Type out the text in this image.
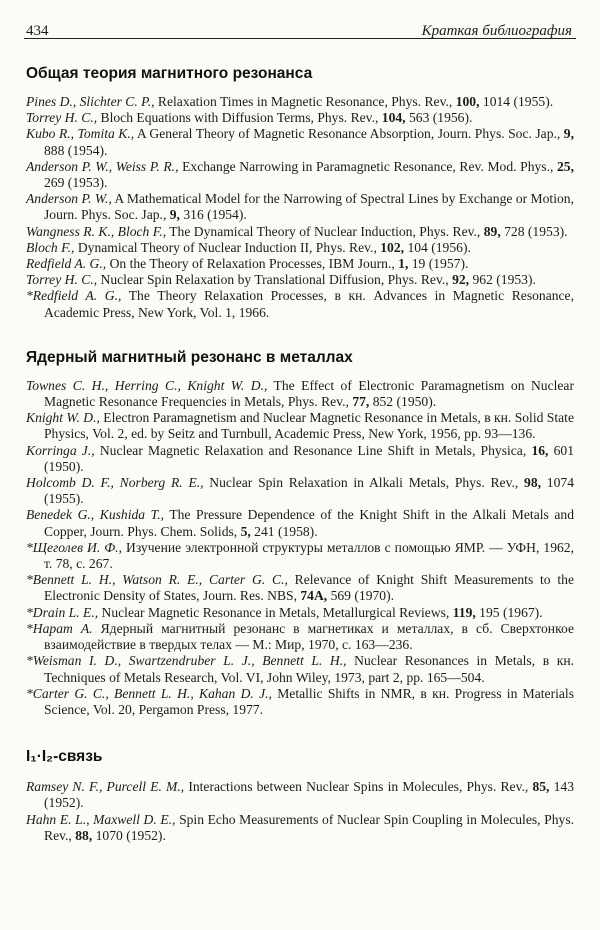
434	Краткая библиография
Общая теория магнитного резонанса

Pines D., Slichter C. P., Relaxation Times in Magnetic Resonance, Phys. Rev., 100, 1014 (1955).

Torrey H. C., Bloch Equations with Diffusion Terms, Phys. Rev., 104, 563 (1956).

Kubo R., Tomita K., A General Theory of Magnetic Resonance Absorption, Journ. Phys. Soc. Jap., 9, 888 (1954).

Anderson P. W., Weiss P. R., Exchange Narrowing in Paramagnetic Resonance, Rev. Mod. Phys., 25, 269 (1953).

Anderson P. W., A Mathematical Model for the Narrowing of Spectral Lines by Exchange or Motion, Journ. Phys. Soc. Jap., 9, 316 (1954).

Wangness R. K., Bloch F., The Dynamical Theory of Nuclear Induction, Phys. Rev., 89, 728 (1953).

Bloch F., Dynamical Theory of Nuclear Induction II, Phys. Rev., 102, 104 (1956).

Redfield A. G., On the Theory of Relaxation Processes, IBM Journ., 1, 19 (1957).

Torrey H. C., Nuclear Spin Relaxation by Translational Diffusion, Phys. Rev., 92, 962 (1953).

*Redfield A. G., The Theory Relaxation Processes, в кн. Advances in Magnetic Resonance, Academic Press, New York, Vol. 1, 1966.

Ядерный магнитный резонанс в металлах

Townes C. H., Herring C., Knight W. D., The Effect of Electronic Paramagnetism on Nuclear Magnetic Resonance Frequencies in Metals, Phys. Rev., 77, 852 (1950).

Knight W. D., Electron Paramagnetism and Nuclear Magnetic Resonance in Metals, в кн. Solid State Physics, Vol. 2, ed. by Seitz and Turnbull, Academic Press, New York, 1956, pp. 93—136.

Korringa J., Nuclear Magnetic Relaxation and Resonance Line Shift in Metals, Physica, 16, 601 (1950).

Holcomb D. F., Norberg R. E., Nuclear Spin Relaxation in Alkali Metals, Phys. Rev., 98, 1074 (1955).

Benedek G., Kushida T., The Pressure Dependence of the Knight Shift in the Alkali Metals and Copper, Journ. Phys. Chem. Solids, 5, 241 (1958).

*Щеголев И. Ф., Изучение электронной структуры металлов с помощью ЯМР. — УФН, 1962, т. 78, с. 267.

*Bennett L. H., Watson R. E., Carter G. C., Relevance of Knight Shift Measurements to the Electronic Density of States, Journ. Res. NBS, 74A, 569 (1970).

*Drain L. E., Nuclear Magnetic Resonance in Metals, Metallurgical Reviews, 119, 195 (1967).

*Нарат А. Ядерный магнитный резонанс в магнетиках и металлах, в сб. Сверхтонкое взаимодействие в твердых телах — М.: Мир, 1970, с. 163—236.

*Weisman I. D., Swartzendruber L. J., Bennett L. H., Nuclear Resonances in Metals, в кн. Techniques of Metals Research, Vol. VI, John Wiley, 1973, part 2, pp. 165—504.

*Carter G. C., Bennett L. H., Kahan D. J., Metallic Shifts in NMR, в кн. Progress in Materials Science, Vol. 20, Pergamon Press, 1977.

I₁·I₂-связь

Ramsey N. F., Purcell E. M., Interactions between Nuclear Spins in Molecules, Phys. Rev., 85, 143 (1952).

Hahn E. L., Maxwell D. E., Spin Echo Measurements of Nuclear Spin Coupling in Molecules, Phys. Rev., 88, 1070 (1952).
